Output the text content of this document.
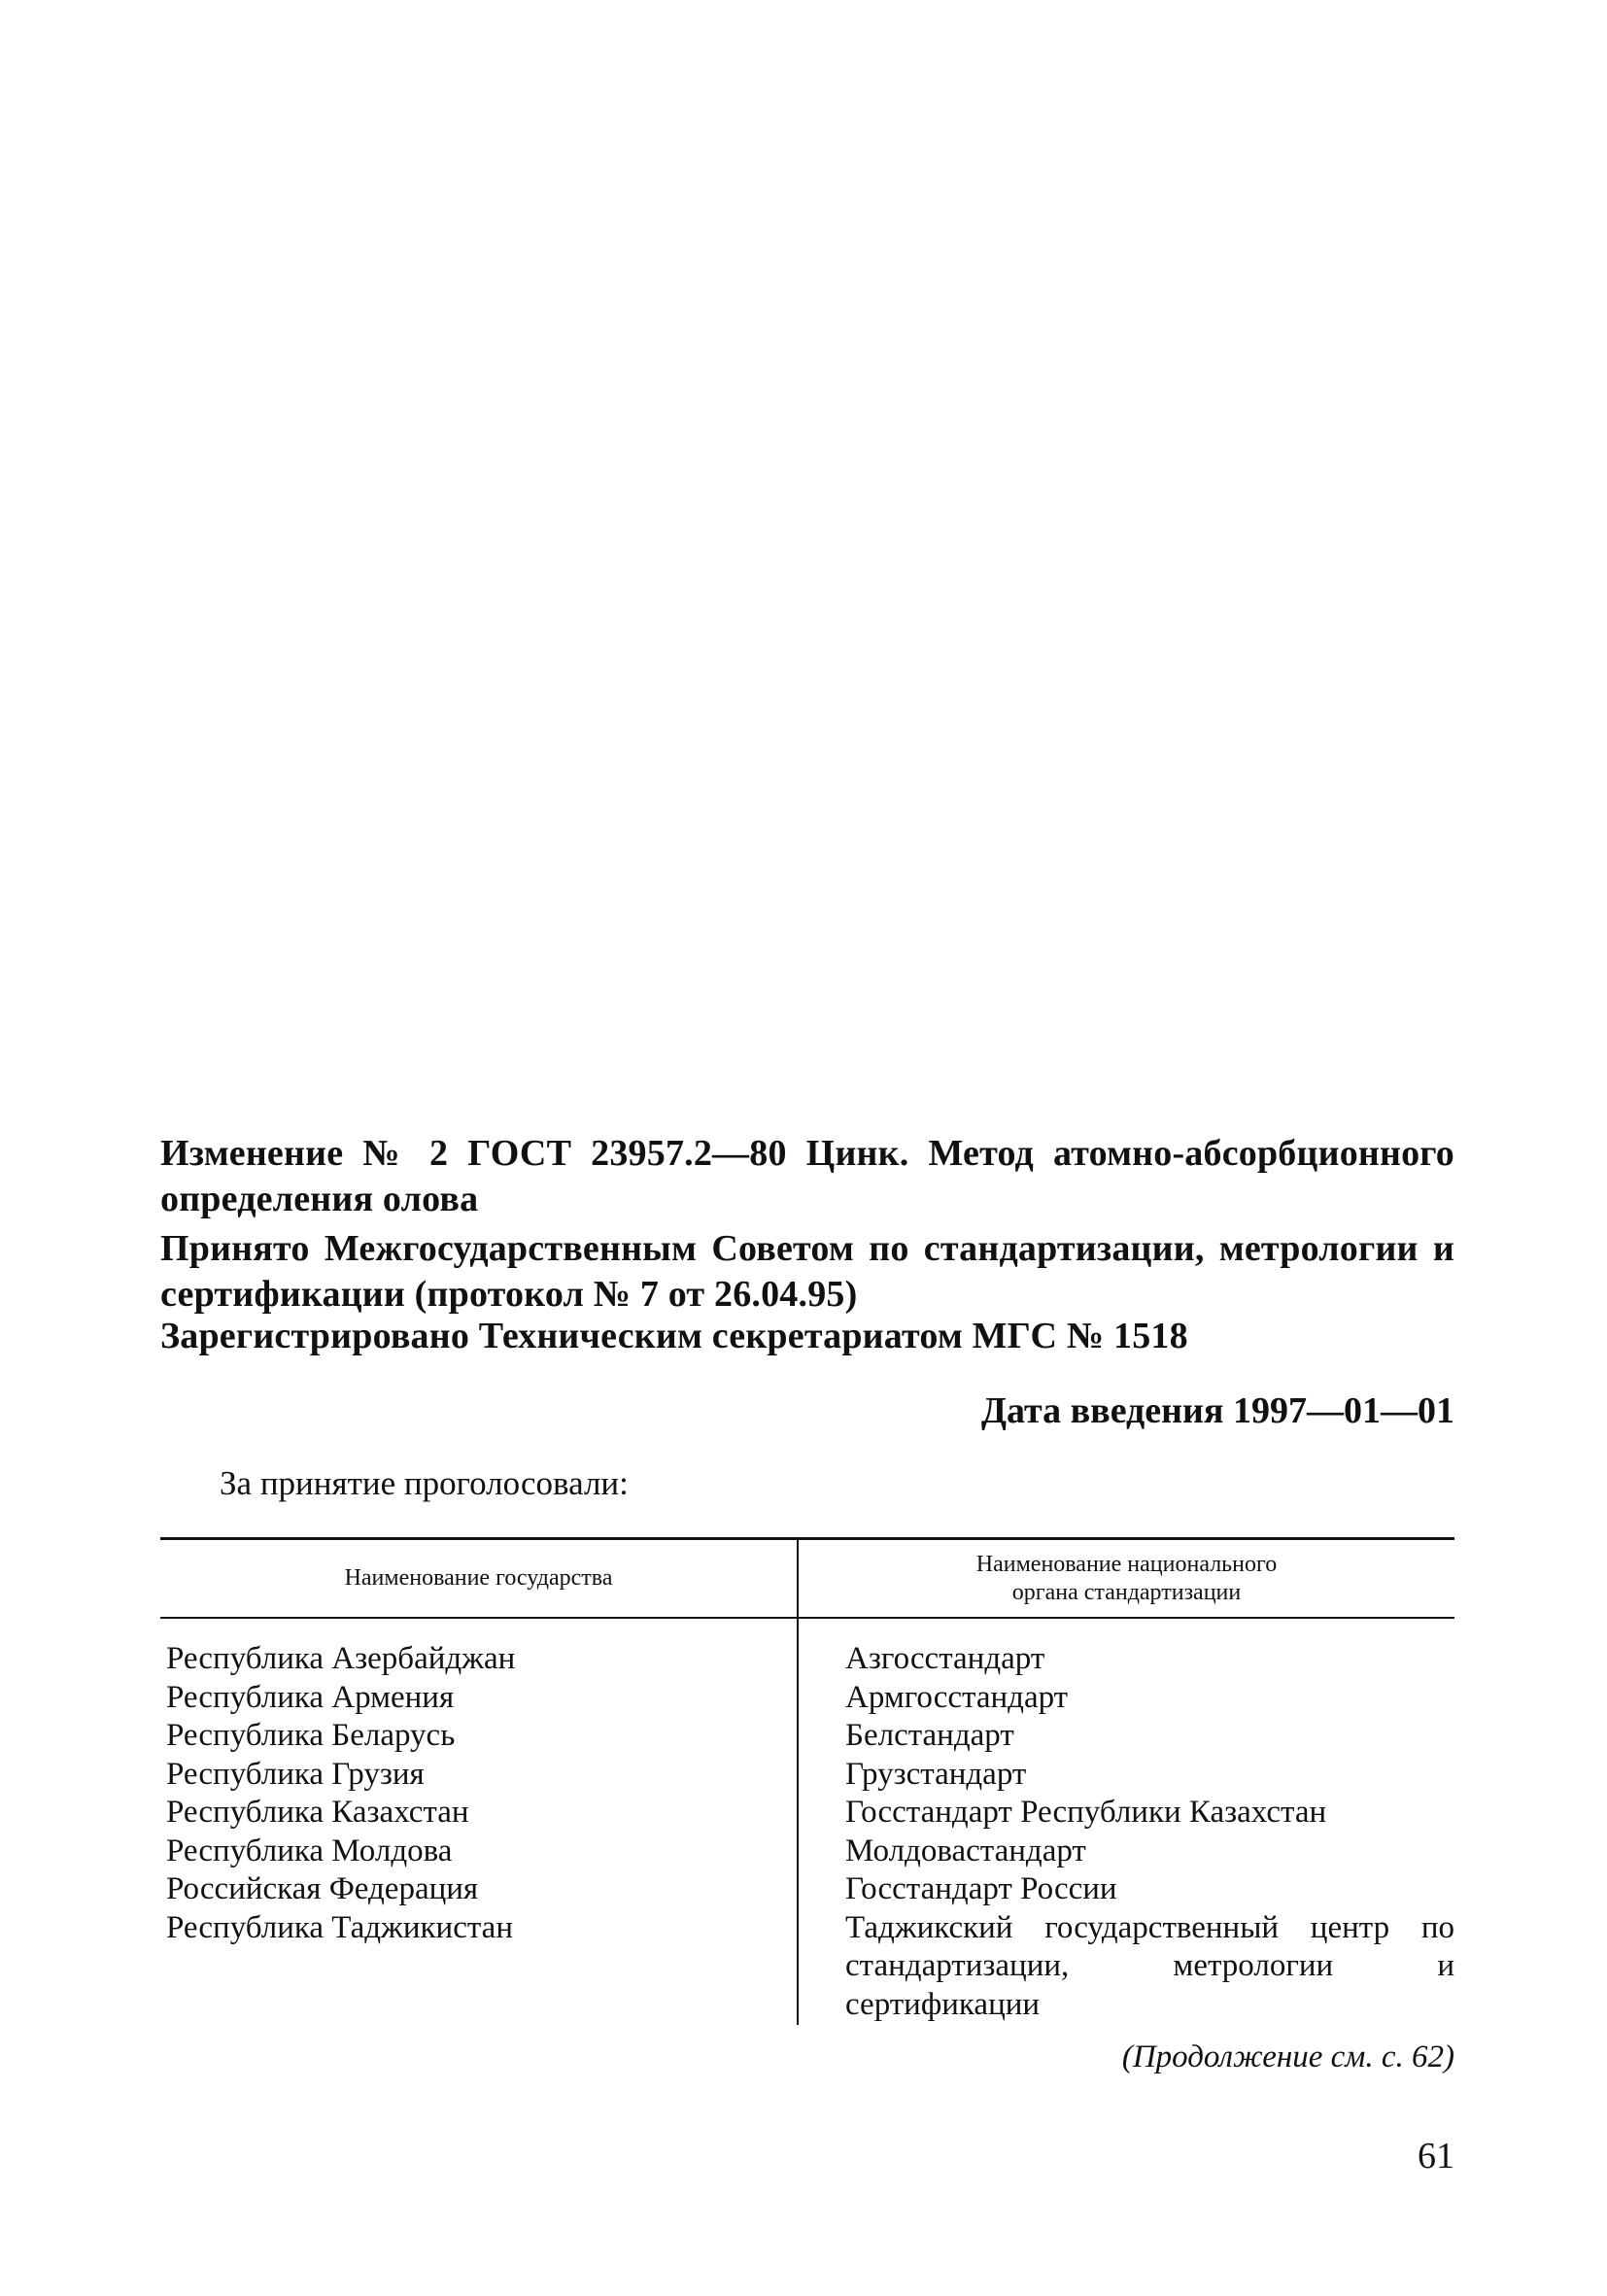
Изменение № 2 ГОСТ 23957.2—80 Цинк. Метод атомно-абсорбционного определения олова
Принято Межгосударственным Советом по стандартизации, метрологии и сертификации (протокол № 7 от 26.04.95)
Зарегистрировано Техническим секретариатом МГС № 1518
Дата введения 1997—01—01
За принятие проголосовали:
Наименование государства
Наименование национального органа стандартизации
Республика Азербайджан
Республика Армения
Республика Беларусь
Республика Грузия
Республика Казахстан
Республика Молдова
Российская Федерация
Республика Таджикистан
Азгосстандарт
Армгосстандарт
Белстандарт
Грузстандарт
Госстандарт Республики Казахстан
Молдовастандарт
Госстандарт России
Таджикский государственный центр по стандартизации, метрологии и сертификации
(Продолжение см. с. 62)
61
